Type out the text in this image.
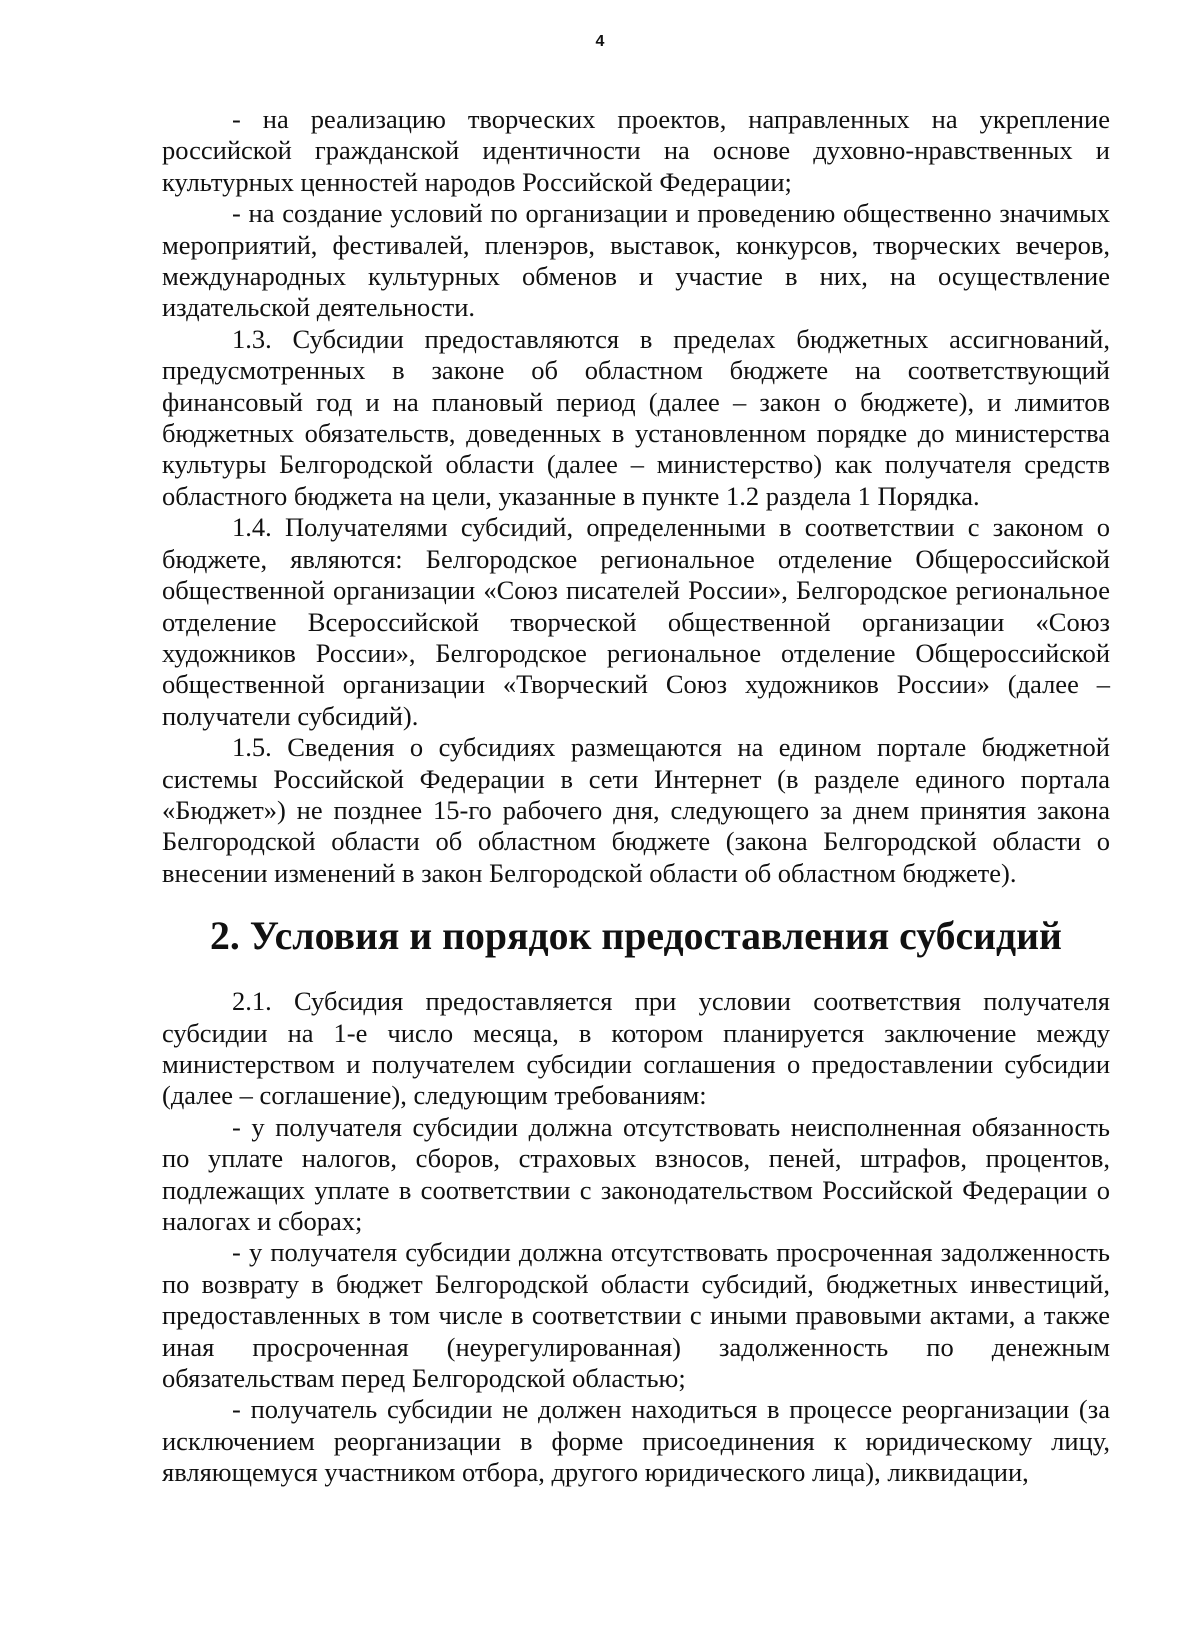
4

- на реализацию творческих проектов, направленных на укрепление российской гражданской идентичности на основе духовно-нравственных и культурных ценностей народов Российской Федерации;

- на создание условий по организации и проведению общественно значимых мероприятий, фестивалей, пленэров, выставок, конкурсов, творческих вечеров, международных культурных обменов и участие в них, на осуществление издательской деятельности.

1.3. Субсидии предоставляются в пределах бюджетных ассигнований, предусмотренных в законе об областном бюджете на соответствующий финансовый год и на плановый период (далее – закон о бюджете), и лимитов бюджетных обязательств, доведенных в установленном порядке до министерства культуры Белгородской области (далее – министерство) как получателя средств областного бюджета на цели, указанные в пункте 1.2 раздела 1 Порядка.

1.4. Получателями субсидий, определенными в соответствии с законом о бюджете, являются: Белгородское региональное отделение Общероссийской общественной организации «Союз писателей России», Белгородское региональное отделение Всероссийской творческой общественной организации «Союз художников России», Белгородское региональное отделение Общероссийской общественной организации «Творческий Союз художников России» (далее – получатели субсидий).

1.5. Сведения о субсидиях размещаются на едином портале бюджетной системы Российской Федерации в сети Интернет (в разделе единого портала «Бюджет») не позднее 15-го рабочего дня, следующего за днем принятия закона Белгородской области об областном бюджете (закона Белгородской области о внесении изменений в закон Белгородской области об областном бюджете).

2. Условия и порядок предоставления субсидий

2.1. Субсидия предоставляется при условии соответствия получателя субсидии на 1-е число месяца, в котором планируется заключение между министерством и получателем субсидии соглашения о предоставлении субсидии (далее – соглашение), следующим требованиям:

- у получателя субсидии должна отсутствовать неисполненная обязанность по уплате налогов, сборов, страховых взносов, пеней, штрафов, процентов, подлежащих уплате в соответствии с законодательством Российской Федерации о налогах и сборах;

- у получателя субсидии должна отсутствовать просроченная задолженность по возврату в бюджет Белгородской области субсидий, бюджетных инвестиций, предоставленных в том числе в соответствии с иными правовыми актами, а также иная просроченная (неурегулированная) задолженность по денежным обязательствам перед Белгородской областью;

- получатель субсидии не должен находиться в процессе реорганизации (за исключением реорганизации в форме присоединения к юридическому лицу, являющемуся участником отбора, другого юридического лица), ликвидации,
